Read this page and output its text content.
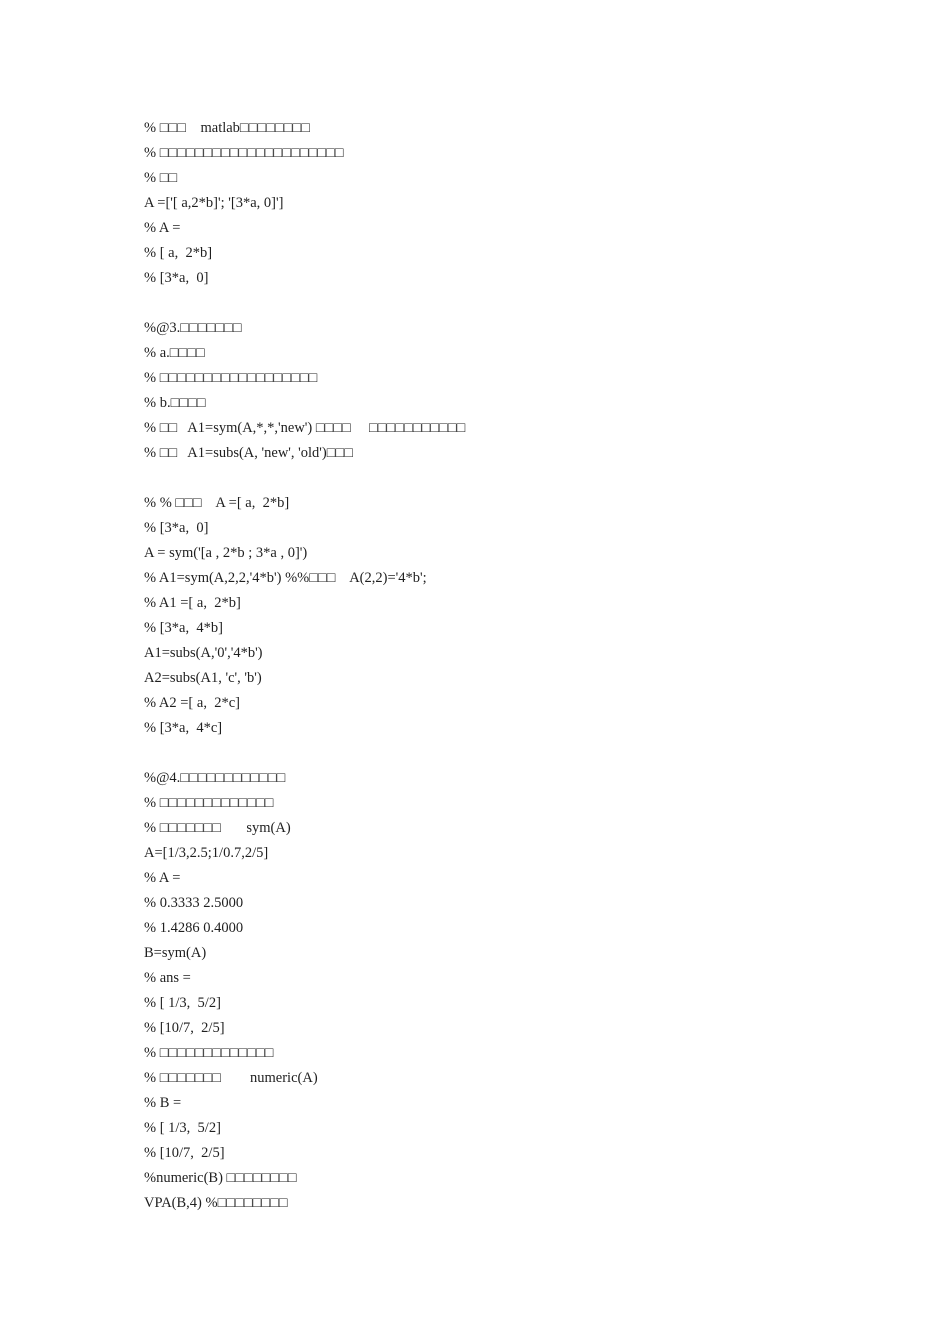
% □□□    matlab□□□□□□□□
% □□□□□□□□□□□□□□□□□□□□□
% □□
A =['[ a,2*b]'; '[3*a, 0]']
% A =
% [ a,  2*b]
% [3*a,  0]
%@3.□□□□□□□
% a.□□□□
% □□□□□□□□□□□□□□□□□□
% b.□□□□
% □□   A1=sym(A,*,*,'new') □□□□     □□□□□□□□□□□
% □□   A1=subs(A, 'new', 'old')□□□
% % □□□    A =[ a,  2*b]
% [3*a,  0]
A = sym('[a , 2*b ; 3*a , 0]')
% A1=sym(A,2,2,'4*b') %%□□□    A(2,2)='4*b';
% A1 =[ a,  2*b]
% [3*a,  4*b]
A1=subs(A,'0','4*b')
A2=subs(A1, 'c', 'b')
% A2 =[ a,  2*c]
% [3*a,  4*c]
%@4.□□□□□□□□□□□□
% □□□□□□□□□□□□□
% □□□□□□□       sym(A)
A=[1/3,2.5;1/0.7,2/5]
% A =
% 0.3333 2.5000
% 1.4286 0.4000
B=sym(A)
% ans =
% [ 1/3,  5/2]
% [10/7,  2/5]
% □□□□□□□□□□□□□
% □□□□□□□        numeric(A)
% B =
% [ 1/3,  5/2]
% [10/7,  2/5]
%numeric(B) □□□□□□□□
VPA(B,4) %□□□□□□□□
